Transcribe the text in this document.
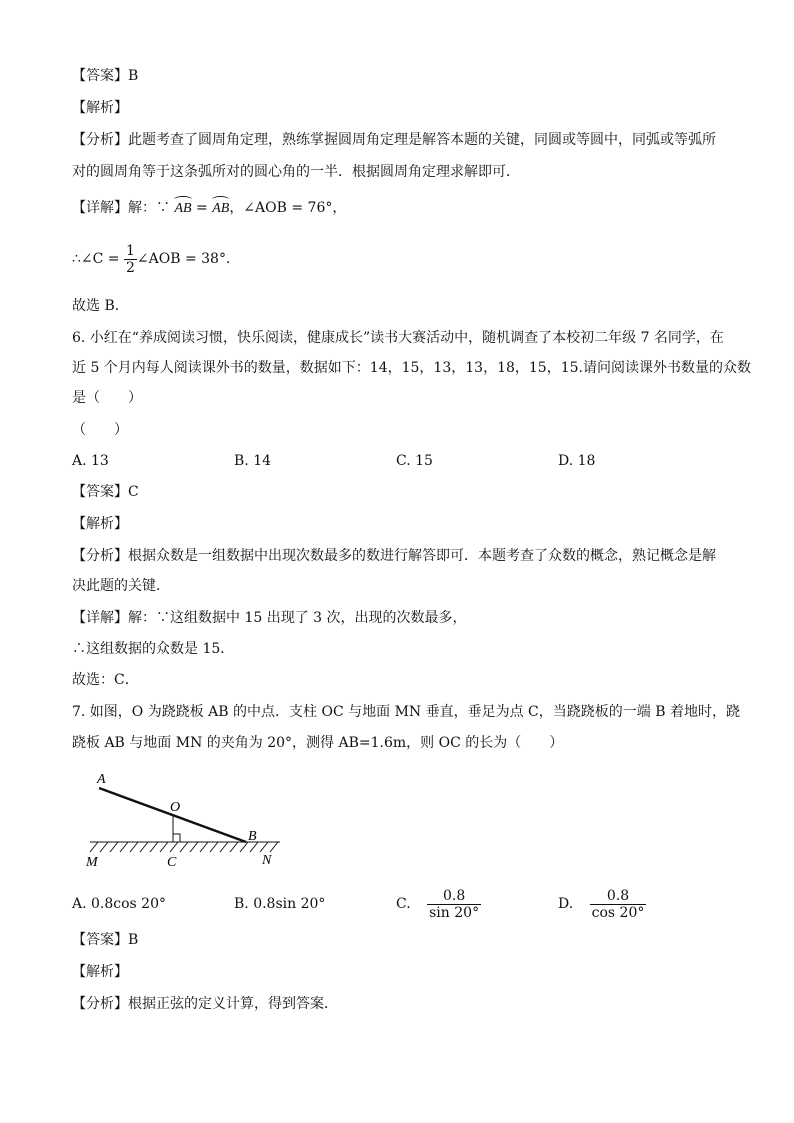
【答案】B
【解析】
【分析】此题考查了圆周角定理，熟练掌握圆周角定理是解答本题的关键，同圆或等圆中，同弧或等弧所
对的圆周角等于这条弧所对的圆心角的一半．根据圆周角定理求解即可．
【详解】解：∵ AB = AB，∠AOB = 76°，
∴∠C = $\frac{1}{2}$ ∠AOB = 38°．
故选 B．
6. 小红在“养成阅读习惯，快乐阅读，健康成长”读书大赛活动中，随机调查了本校初二年级 7 名同学，在
近 5 个月内每人阅读课外书的数量，数据如下：14，15，13，13，18，15，15.请问阅读课外书数量的众数
是（　　）
（　　）
A. 13	B. 14	C. 15	D. 18
【答案】C
【解析】
【分析】根据众数是一组数据中出现次数最多的数进行解答即可．本题考查了众数的概念，熟记概念是解
决此题的关键．
【详解】解：∵这组数据中 15 出现了 3 次，出现的次数最多，
∴这组数据的众数是 15．
故选：C．
7. 如图，O 为跷跷板 AB 的中点．支柱 OC 与地面 MN 垂直，垂足为点 C，当跷跷板的一端 B 着地时，跷
跷板 AB 与地面 MN 的夹角为 20°，测得 AB=1.6m，则 OC 的长为（　　）
A
O
B
M	C	N
A. 0.8cos 20°	B. 0.8sin 20°	C. $\frac{0.8}{\sin 20^\circ}$	D. $\frac{0.8}{\cos 20^\circ}$
【答案】B
【解析】
【分析】根据正弦的定义计算，得到答案．
